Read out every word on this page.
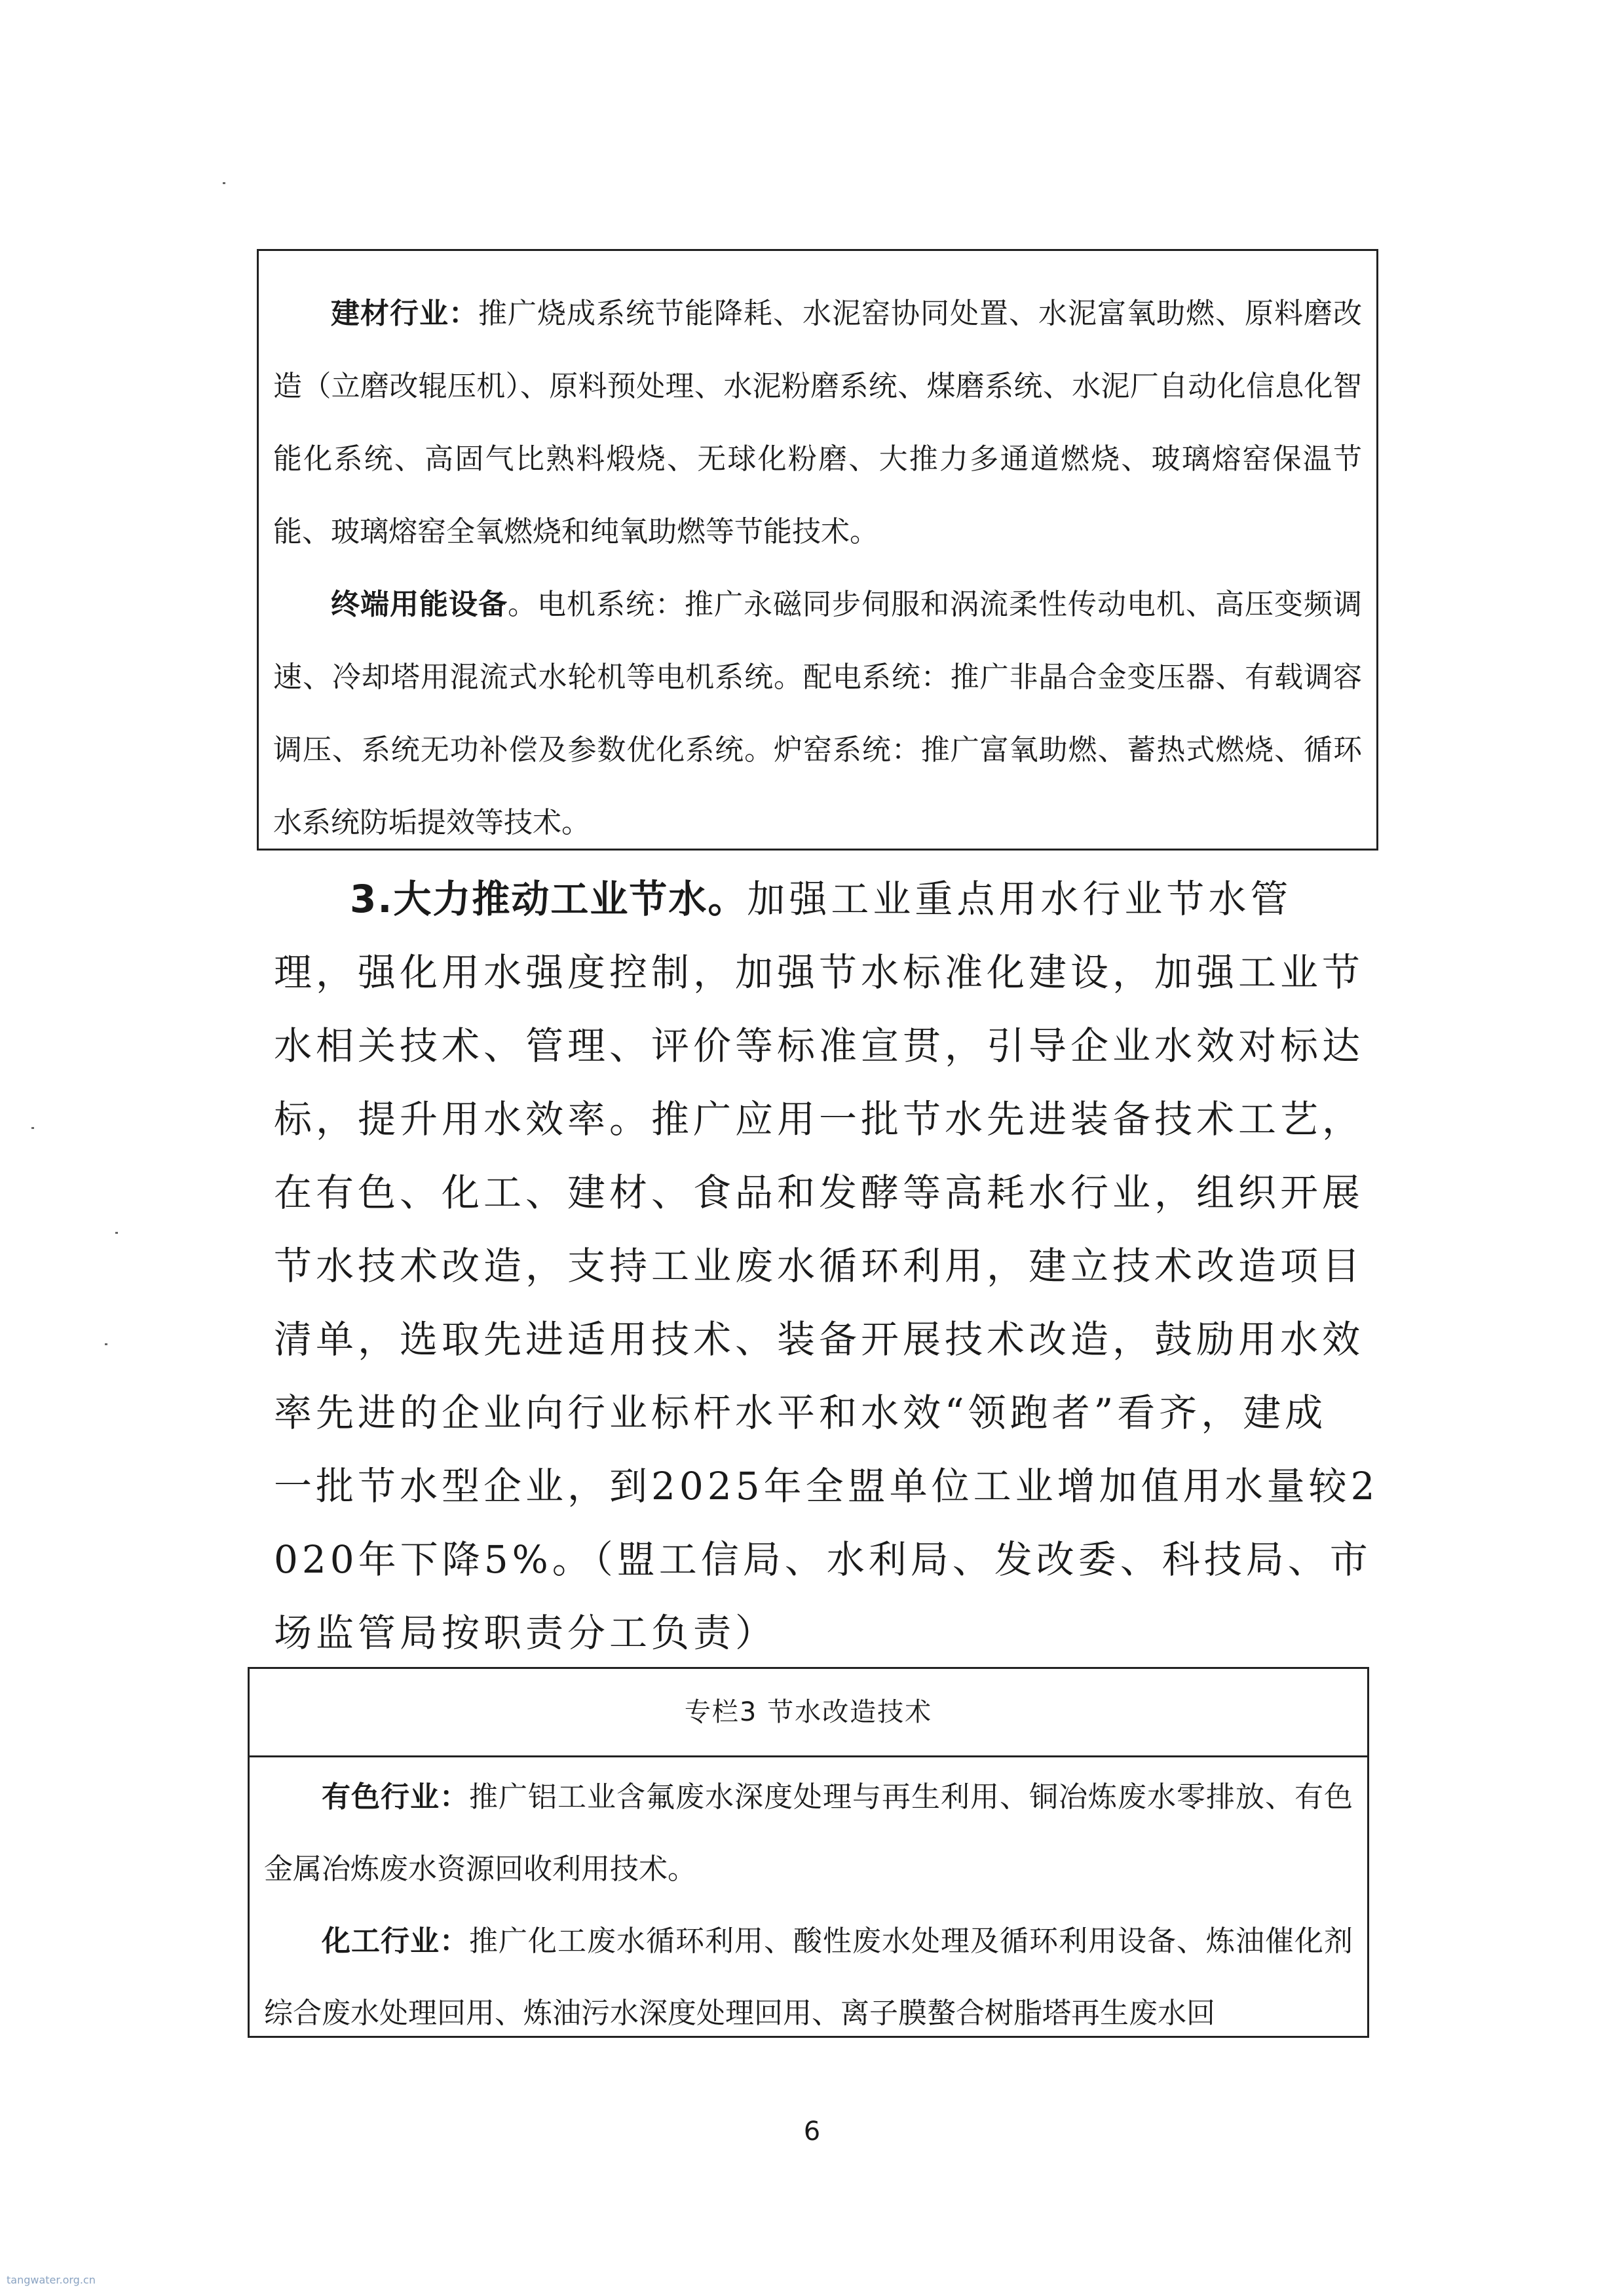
建材行业：推广烧成系统节能降耗、水泥窑协同处置、水泥富氧助燃、原料磨改造（立磨改辊压机）、原料预处理、水泥粉磨系统、煤磨系统、水泥厂自动化信息化智能化系统、高固气比熟料煅烧、无球化粉磨、大推力多通道燃烧、玻璃熔窑保温节能、玻璃熔窑全氧燃烧和纯氧助燃等节能技术。
终端用能设备。电机系统：推广永磁同步伺服和涡流柔性传动电机、高压变频调速、冷却塔用混流式水轮机等电机系统。配电系统：推广非晶合金变压器、有载调容调压、系统无功补偿及参数优化系统。炉窑系统：推广富氧助燃、蓄热式燃烧、循环水系统防垢提效等技术。
3.大力推动工业节水。加强工业重点用水行业节水管
理，强化用水强度控制，加强节水标准化建设，加强工业节
水相关技术、管理、评价等标准宣贯，引导企业水效对标达
标，提升用水效率。推广应用一批节水先进装备技术工艺，
在有色、化工、建材、食品和发酵等高耗水行业，组织开展
节水技术改造，支持工业废水循环利用，建立技术改造项目
清单，选取先进适用技术、装备开展技术改造，鼓励用水效
率先进的企业向行业标杆水平和水效“领跑者”看齐，建成
一批节水型企业，到2025年全盟单位工业增加值用水量较2
020年下降5%。（盟工信局、水利局、发改委、科技局、市
场监管局按职责分工负责）
专栏3 节水改造技术
有色行业：推广铝工业含氟废水深度处理与再生利用、铜冶炼废水零排放、有色金属冶炼废水资源回收利用技术。
化工行业：推广化工废水循环利用、酸性废水处理及循环利用设备、炼油催化剂综合废水处理回用、炼油污水深度处理回用、离子膜螯合树脂塔再生废水回
6
tangwater.org.cn
